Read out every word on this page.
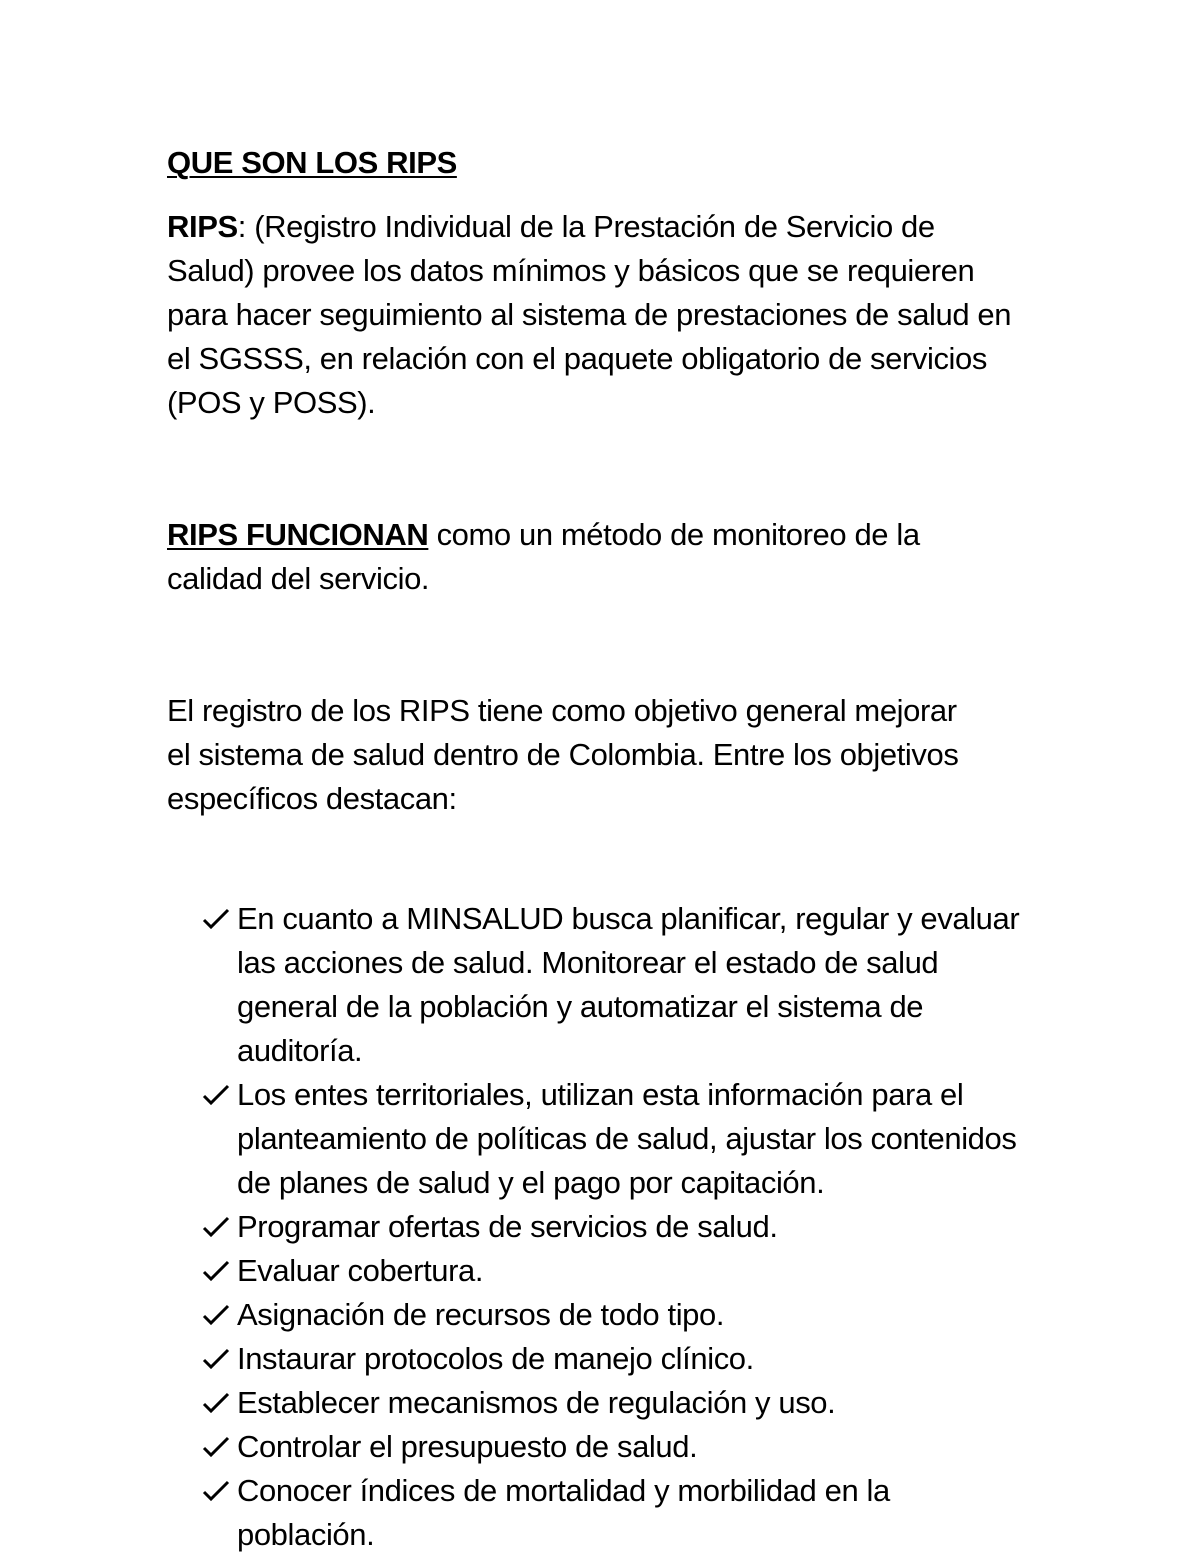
QUE SON LOS RIPS

RIPS: (Registro Individual de la Prestación de Servicio de Salud) provee los datos mínimos y básicos que se requieren para hacer seguimiento al sistema de prestaciones de salud en el SGSSS, en relación con el paquete obligatorio de servicios (POS y POSS).

RIPS FUNCIONAN como un método de monitoreo de la calidad del servicio.

El registro de los RIPS tiene como objetivo general mejorar el sistema de salud dentro de Colombia. Entre los objetivos específicos destacan:

En cuanto a MINSALUD busca planificar, regular y evaluar las acciones de salud. Monitorear el estado de salud general de la población y automatizar el sistema de auditoría.
Los entes territoriales, utilizan esta información para el planteamiento de políticas de salud, ajustar los contenidos de planes de salud y el pago por capitación.
Programar ofertas de servicios de salud.
Evaluar cobertura.
Asignación de recursos de todo tipo.
Instaurar protocolos de manejo clínico.
Establecer mecanismos de regulación y uso.
Controlar el presupuesto de salud.
Conocer índices de mortalidad y morbilidad en la población.
